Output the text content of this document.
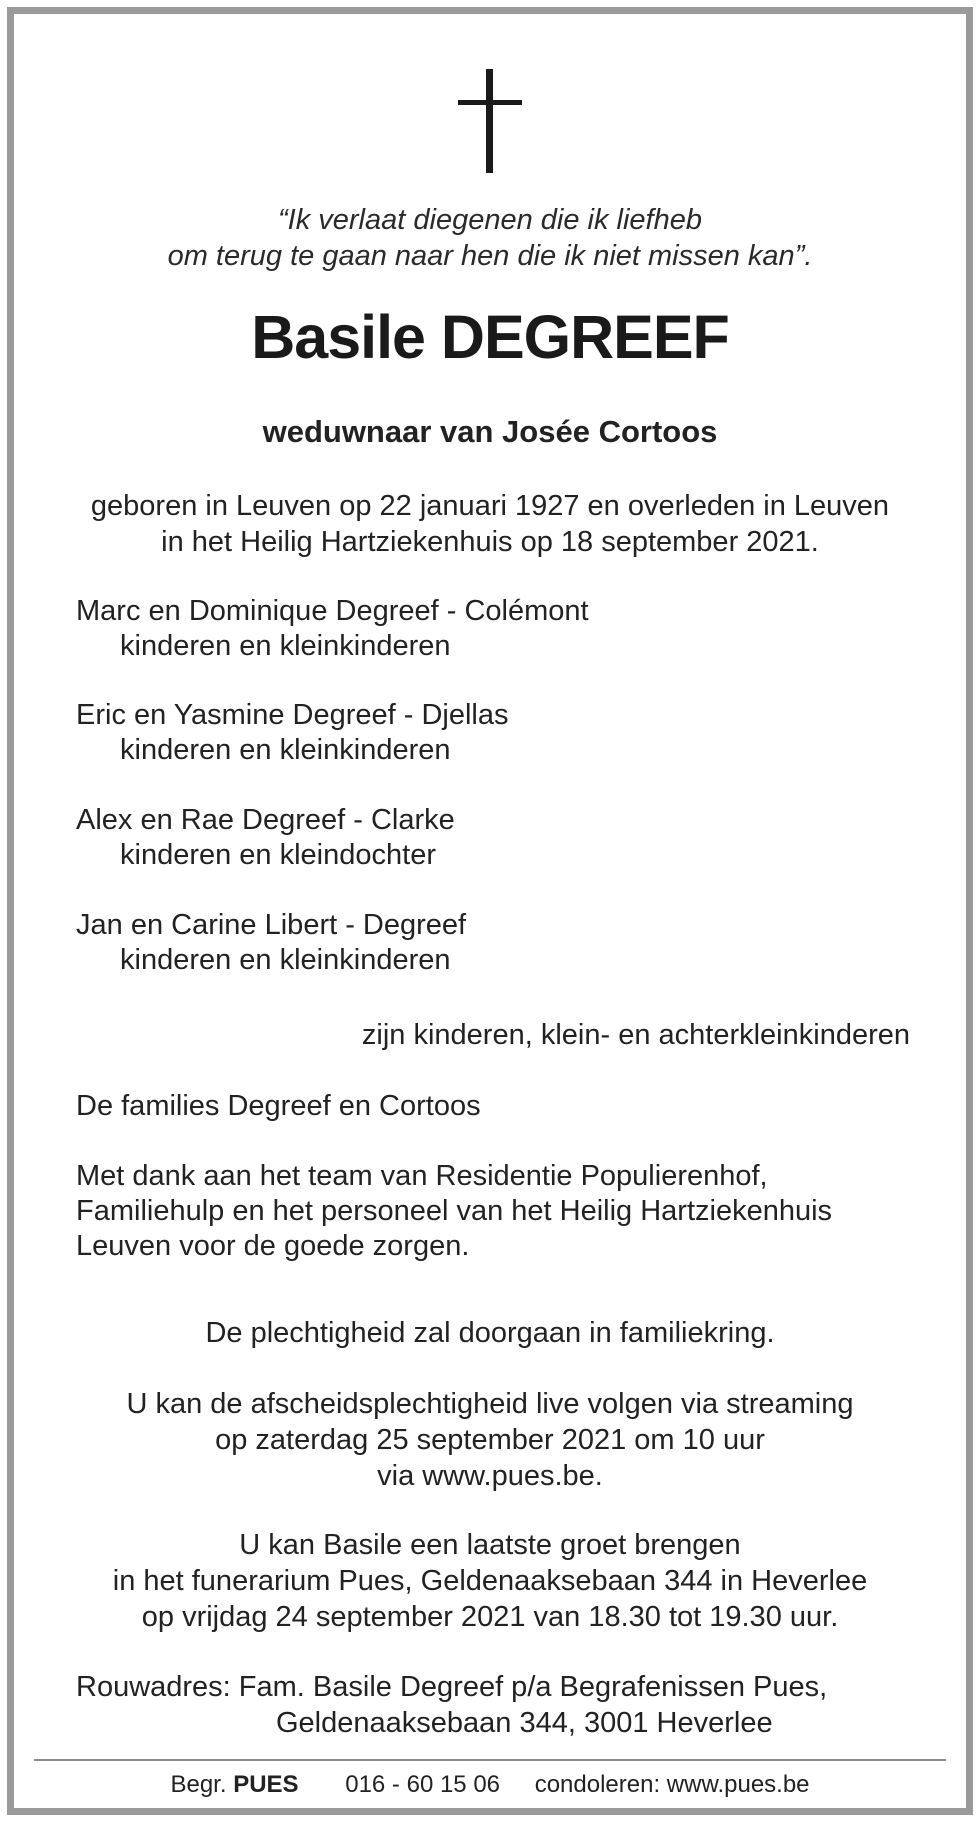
“Ik verlaat diegenen die ik liefheb
om terug te gaan naar hen die ik niet missen kan”.
Basile DEGREEF
weduwnaar van Josée Cortoos
geboren in Leuven op 22 januari 1927 en overleden in Leuven
in het Heilig Hartziekenhuis op 18 september 2021.
Marc en Dominique Degreef - Colémont
kinderen en kleinkinderen
Eric en Yasmine Degreef - Djellas
kinderen en kleinkinderen
Alex en Rae Degreef - Clarke
kinderen en kleindochter
Jan en Carine Libert - Degreef
kinderen en kleinkinderen
zijn kinderen, klein- en achterkleinkinderen
De families Degreef en Cortoos
Met dank aan het team van Residentie Populierenhof,
Familiehulp en het personeel van het Heilig Hartziekenhuis
Leuven voor de goede zorgen.
De plechtigheid zal doorgaan in familiekring.
U kan de afscheidsplechtigheid live volgen via streaming
op zaterdag 25 september 2021 om 10 uur
via www.pues.be.
U kan Basile een laatste groet brengen
in het funerarium Pues, Geldenaaksebaan 344 in Heverlee
op vrijdag 24 september 2021 van 18.30 tot 19.30 uur.
Rouwadres: Fam. Basile Degreef p/a Begrafenissen Pues,
Geldenaaksebaan 344, 3001 Heverlee
Begr. PUES 016 - 60 15 06 condoleren: www.pues.be
